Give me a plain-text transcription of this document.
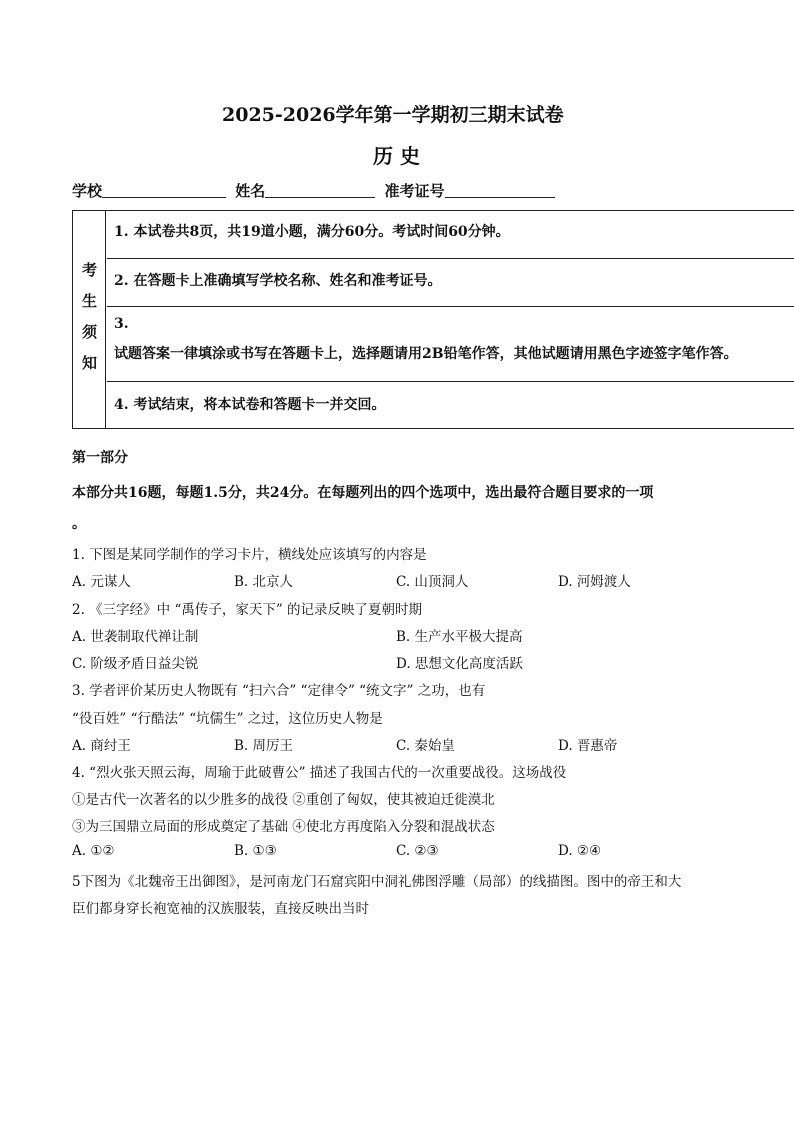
2025-2026学年第一学期初三期末试卷
历 史
学校	姓名	准考证号
考
生
须
知
1. 本试卷共8页，共19道小题，满分60分。考试时间60分钟。
2. 在答题卡上准确填写学校名称、姓名和准考证号。
3.
试题答案一律填涂或书写在答题卡上，选择题请用2B铅笔作答，其他试题请用黑色字迹签字笔作答。
4. 考试结束，将本试卷和答题卡一并交回。
第一部分
本部分共16题，每题1.5分，共24分。在每题列出的四个选项中，选出最符合题目要求的一项
。
1. 下图是某同学制作的学习卡片，横线处应该填写的内容是
A. 元谋人	B. 北京人	C. 山顶洞人	D. 河姆渡人
2. 《三字经》中 “禹传子，家天下” 的记录反映了夏朝时期
A. 世袭制取代禅让制	B. 生产水平极大提高
C. 阶级矛盾日益尖锐	D. 思想文化高度活跃
3. 学者评价某历史人物既有 “扫六合” “定律令” “统文字” 之功，也有
“役百姓” “行酷法” “坑儒生” 之过，这位历史人物是
A. 商纣王	B. 周厉王	C. 秦始皇	D. 晋惠帝
4. “烈火张天照云海，周瑜于此破曹公” 描述了我国古代的一次重要战役。这场战役
①是古代一次著名的以少胜多的战役 ②重创了匈奴，使其被迫迁徙漠北
③为三国鼎立局面的形成奠定了基础 ④使北方再度陷入分裂和混战状态
A. ①②	B. ①③	C. ②③	D. ②④
5下图为《北魏帝王出御图》，是河南龙门石窟宾阳中洞礼佛图浮雕（局部）的线描图。图中的帝王和大
臣们都身穿长袍宽袖的汉族服装，直接反映出当时
